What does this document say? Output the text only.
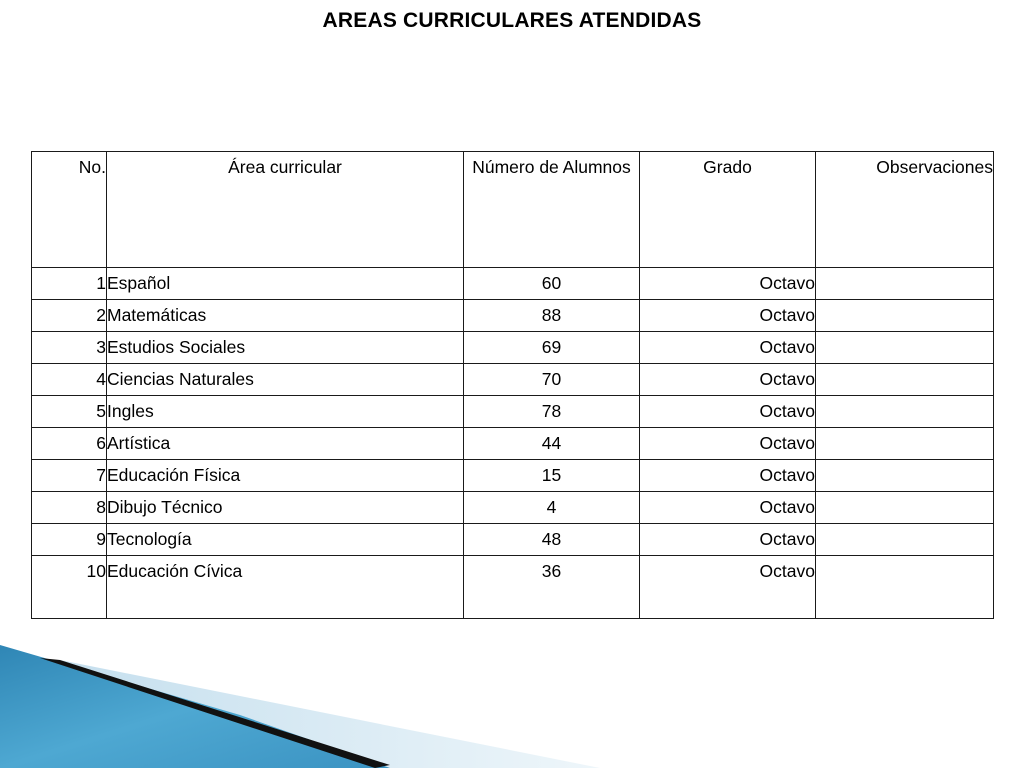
AREAS CURRICULARES ATENDIDAS
No.	Área curricular	Número de Alumnos	Grado	Observaciones
1	Español	60	Octavo	
2	Matemáticas	88	Octavo	
3	Estudios Sociales	69	Octavo	
4	Ciencias Naturales	70	Octavo	
5	Ingles	78	Octavo	
6	Artística	44	Octavo	
7	Educación Física	15	Octavo	
8	Dibujo Técnico	4	Octavo	
9	Tecnología	48	Octavo	
10	Educación Cívica	36	Octavo	
